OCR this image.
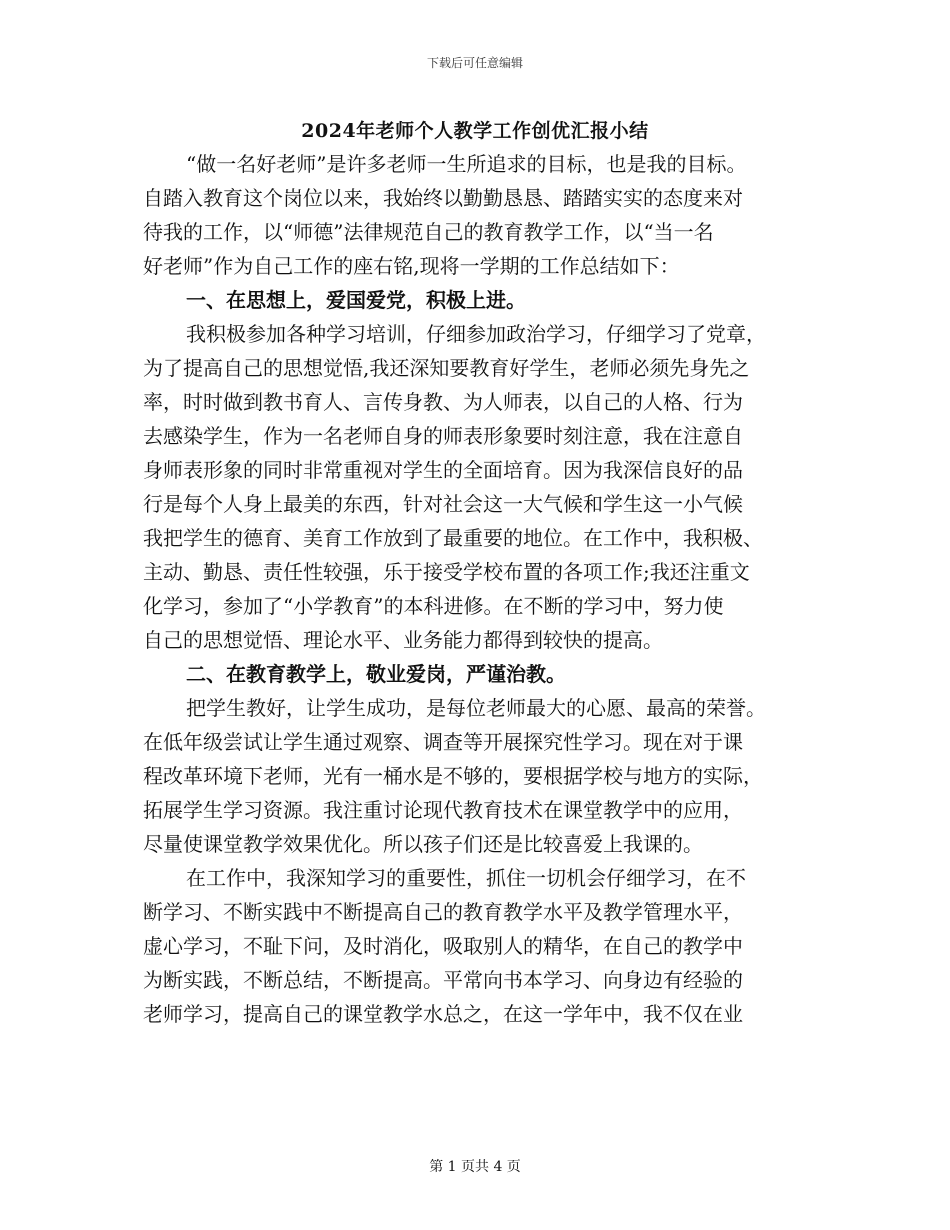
下载后可任意编辑
2024年老师个人教学工作创优汇报小结
“做一名好老师”是许多老师一生所追求的目标，也是我的目标。
自踏入教育这个岗位以来，我始终以勤勤恳恳、踏踏实实的态度来对
待我的工作，以“师德”法律规范自己的教育教学工作，以“当一名
好老师”作为自己工作的座右铭,现将一学期的工作总结如下：
一、在思想上，爱国爱党，积极上进。
我积极参加各种学习培训，仔细参加政治学习，仔细学习了党章，
为了提高自己的思想觉悟,我还深知要教育好学生，老师必须先身先之
率，时时做到教书育人、言传身教、为人师表，以自己的人格、行为
去感染学生，作为一名老师自身的师表形象要时刻注意，我在注意自
身师表形象的同时非常重视对学生的全面培育。因为我深信良好的品
行是每个人身上最美的东西，针对社会这一大气候和学生这一小气候
我把学生的德育、美育工作放到了最重要的地位。在工作中，我积极、
主动、勤恳、责任性较强，乐于接受学校布置的各项工作;我还注重文
化学习，参加了“小学教育”的本科进修。在不断的学习中，努力使
自己的思想觉悟、理论水平、业务能力都得到较快的提高。
二、在教育教学上，敬业爱岗，严谨治教。
把学生教好，让学生成功，是每位老师最大的心愿、最高的荣誉。
在低年级尝试让学生通过观察、调查等开展探究性学习。现在对于课
程改革环境下老师，光有一桶水是不够的，要根据学校与地方的实际，
拓展学生学习资源。我注重讨论现代教育技术在课堂教学中的应用，
尽量使课堂教学效果优化。所以孩子们还是比较喜爱上我课的。
在工作中，我深知学习的重要性，抓住一切机会仔细学习，在不
断学习、不断实践中不断提高自己的教育教学水平及教学管理水平，
虚心学习，不耻下问，及时消化，吸取别人的精华，在自己的教学中
为断实践，不断总结，不断提高。平常向书本学习、向身边有经验的
老师学习，提高自己的课堂教学水总之，在这一学年中，我不仅在业
第 1 页共 4 页
